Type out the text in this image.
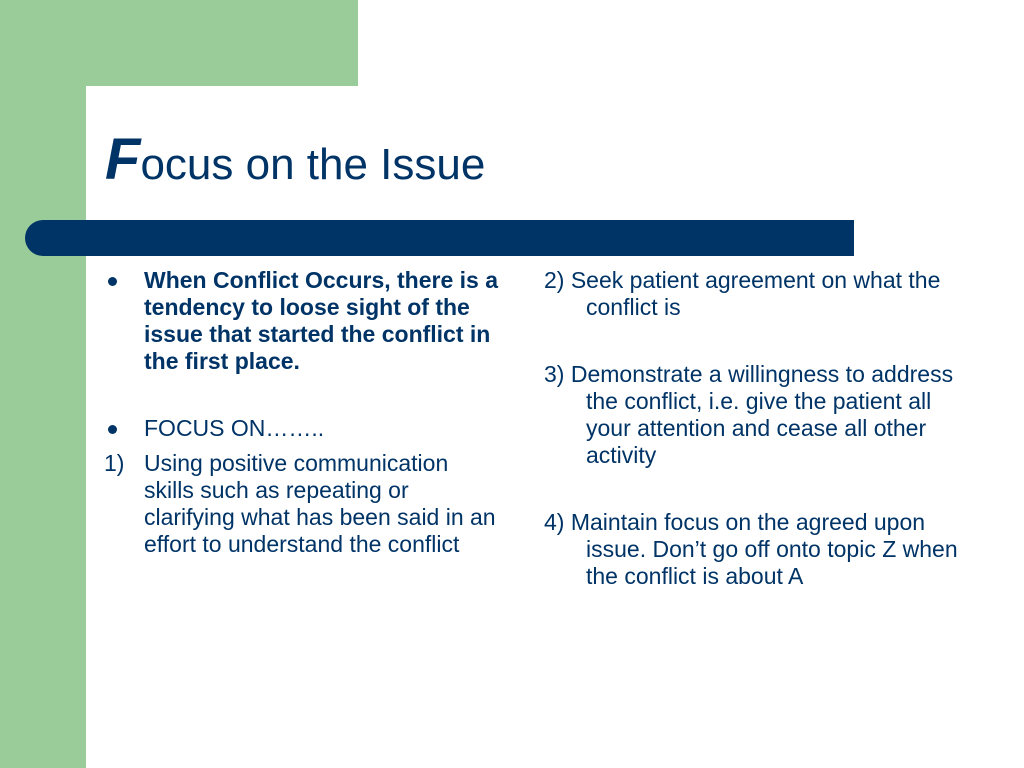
Focus on the Issue
When Conflict Occurs, there is a tendency to loose sight of the issue that started the conflict in the first place.
FOCUS ON……..
1) Using positive communication skills such as repeating or clarifying what has been said in an effort to understand the conflict

2) Seek patient agreement on what the conflict is

3) Demonstrate a willingness to address the conflict, i.e. give the patient all your attention and cease all other activity

4) Maintain focus on the agreed upon issue. Don’t go off onto topic Z when the conflict is about A
